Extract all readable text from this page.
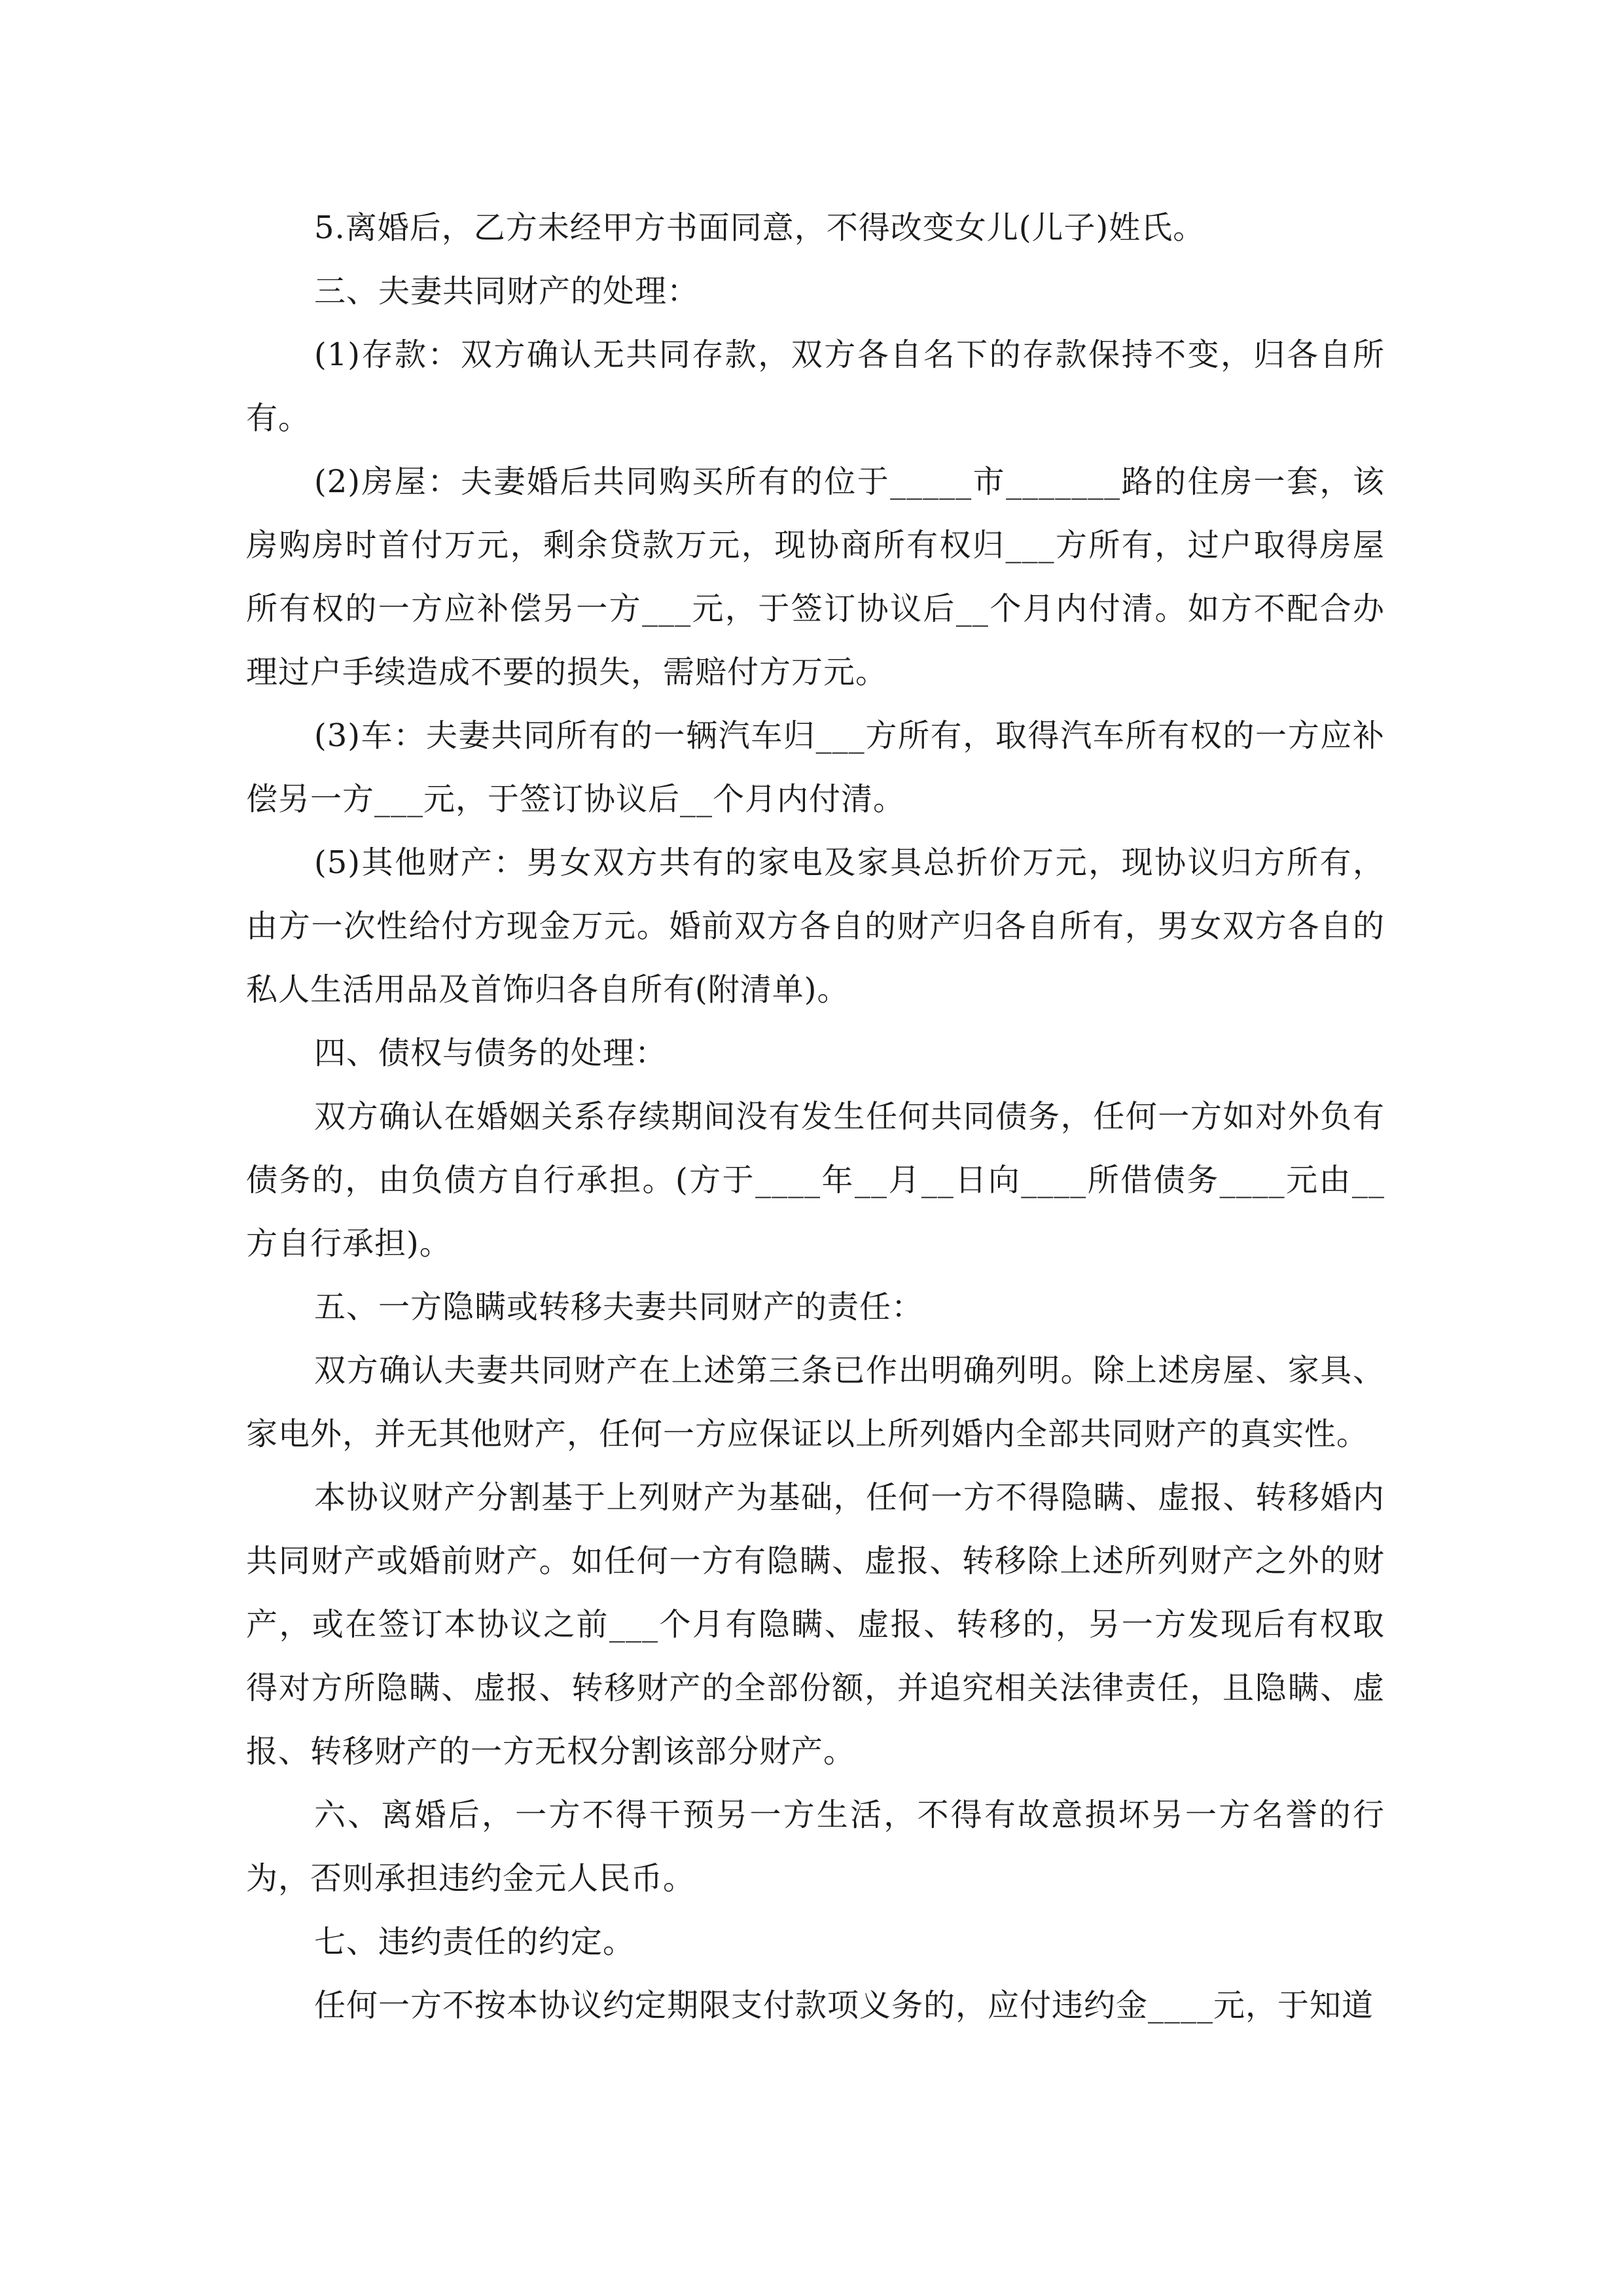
5.离婚后，乙方未经甲方书面同意，不得改变女儿(儿子)姓氏。

三、夫妻共同财产的处理：

(1)存款：双方确认无共同存款，双方各自名下的存款保持不变，归各自所有。

(2)房屋：夫妻婚后共同购买所有的位于_____市_______路的住房一套，该房购房时首付万元，剩余贷款万元，现协商所有权归___方所有，过户取得房屋所有权的一方应补偿另一方___元，于签订协议后__个月内付清。如方不配合办理过户手续造成不要的损失，需赔付方万元。

(3)车：夫妻共同所有的一辆汽车归___方所有，取得汽车所有权的一方应补偿另一方___元，于签订协议后__个月内付清。

(5)其他财产：男女双方共有的家电及家具总折价万元，现协议归方所有，由方一次性给付方现金万元。婚前双方各自的财产归各自所有，男女双方各自的私人生活用品及首饰归各自所有(附清单)。

四、债权与债务的处理：

双方确认在婚姻关系存续期间没有发生任何共同债务，任何一方如对外负有债务的，由负债方自行承担。(方于____年__月__日向____所借债务____元由__方自行承担)。

五、一方隐瞒或转移夫妻共同财产的责任：

双方确认夫妻共同财产在上述第三条已作出明确列明。除上述房屋、家具、家电外，并无其他财产，任何一方应保证以上所列婚内全部共同财产的真实性。

本协议财产分割基于上列财产为基础，任何一方不得隐瞒、虚报、转移婚内共同财产或婚前财产。如任何一方有隐瞒、虚报、转移除上述所列财产之外的财产，或在签订本协议之前___个月有隐瞒、虚报、转移的，另一方发现后有权取得对方所隐瞒、虚报、转移财产的全部份额，并追究相关法律责任，且隐瞒、虚报、转移财产的一方无权分割该部分财产。

六、离婚后，一方不得干预另一方生活，不得有故意损坏另一方名誉的行为，否则承担违约金元人民币。

七、违约责任的约定。

任何一方不按本协议约定期限支付款项义务的，应付违约金____元，于知道
